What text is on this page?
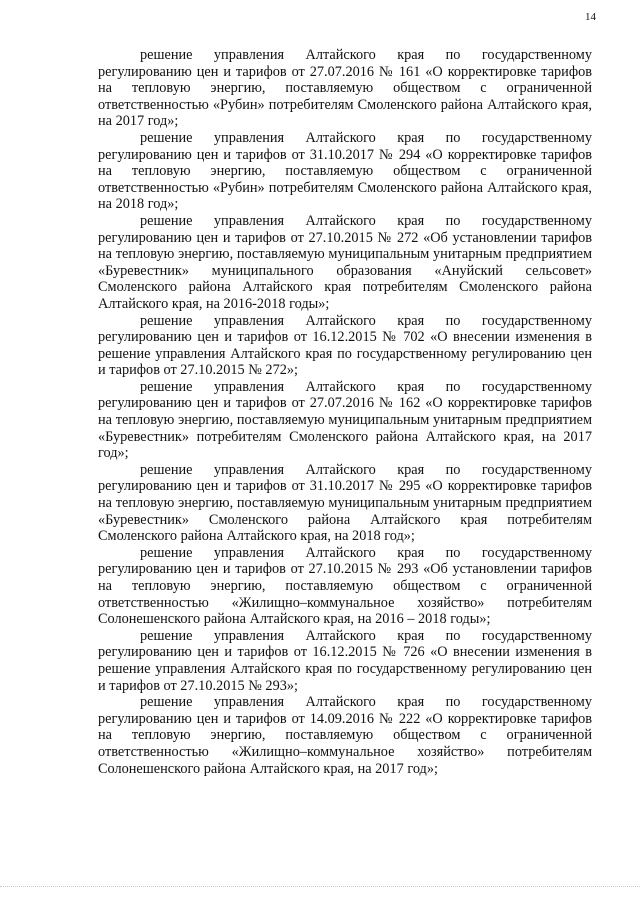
14

решение управления Алтайского края по государственному регулированию цен и тарифов от 27.07.2016 № 161 «О корректировке тарифов на тепловую энергию, поставляемую обществом с ограниченной ответственностью «Рубин» потребителям Смоленского района Алтайского края, на 2017 год»;

решение управления Алтайского края по государственному регулированию цен и тарифов от 31.10.2017 № 294 «О корректировке тарифов на тепловую энергию, поставляемую обществом с ограниченной ответственностью «Рубин» потребителям Смоленского района Алтайского края, на 2018 год»;

решение управления Алтайского края по государственному регулированию цен и тарифов от 27.10.2015 № 272 «Об установлении тарифов на тепловую энергию, поставляемую муниципальным унитарным предприятием «Буревестник» муниципального образования «Ануйский сельсовет» Смоленского района Алтайского края потребителям Смоленского района Алтайского края, на 2016-2018 годы»;

решение управления Алтайского края по государственному регулированию цен и тарифов от 16.12.2015 № 702 «О внесении изменения в решение управления Алтайского края по государственному регулированию цен и тарифов от 27.10.2015 № 272»;

решение управления Алтайского края по государственному регулированию цен и тарифов от 27.07.2016 № 162 «О корректировке тарифов на тепловую энергию, поставляемую муниципальным унитарным предприятием «Буревестник» потребителям Смоленского района Алтайского края, на 2017 год»;

решение управления Алтайского края по государственному регулированию цен и тарифов от 31.10.2017 № 295 «О корректировке тарифов на тепловую энергию, поставляемую муниципальным унитарным предприятием «Буревестник» Смоленского района Алтайского края потребителям Смоленского района Алтайского края, на 2018 год»;

решение управления Алтайского края по государственному регулированию цен и тарифов от 27.10.2015 № 293 «Об установлении тарифов на тепловую энергию, поставляемую обществом с ограниченной ответственностью «Жилищно–коммунальное хозяйство» потребителям Солонешенского района Алтайского края, на 2016 – 2018 годы»;

решение управления Алтайского края по государственному регулированию цен и тарифов от 16.12.2015 № 726 «О внесении изменения в решение управления Алтайского края по государственному регулированию цен и тарифов от 27.10.2015 № 293»;

решение управления Алтайского края по государственному регулированию цен и тарифов от 14.09.2016 № 222 «О корректировке тарифов на тепловую энергию, поставляемую обществом с ограниченной ответственностью «Жилищно–коммунальное хозяйство» потребителям Солонешенского района Алтайского края, на 2017 год»;
